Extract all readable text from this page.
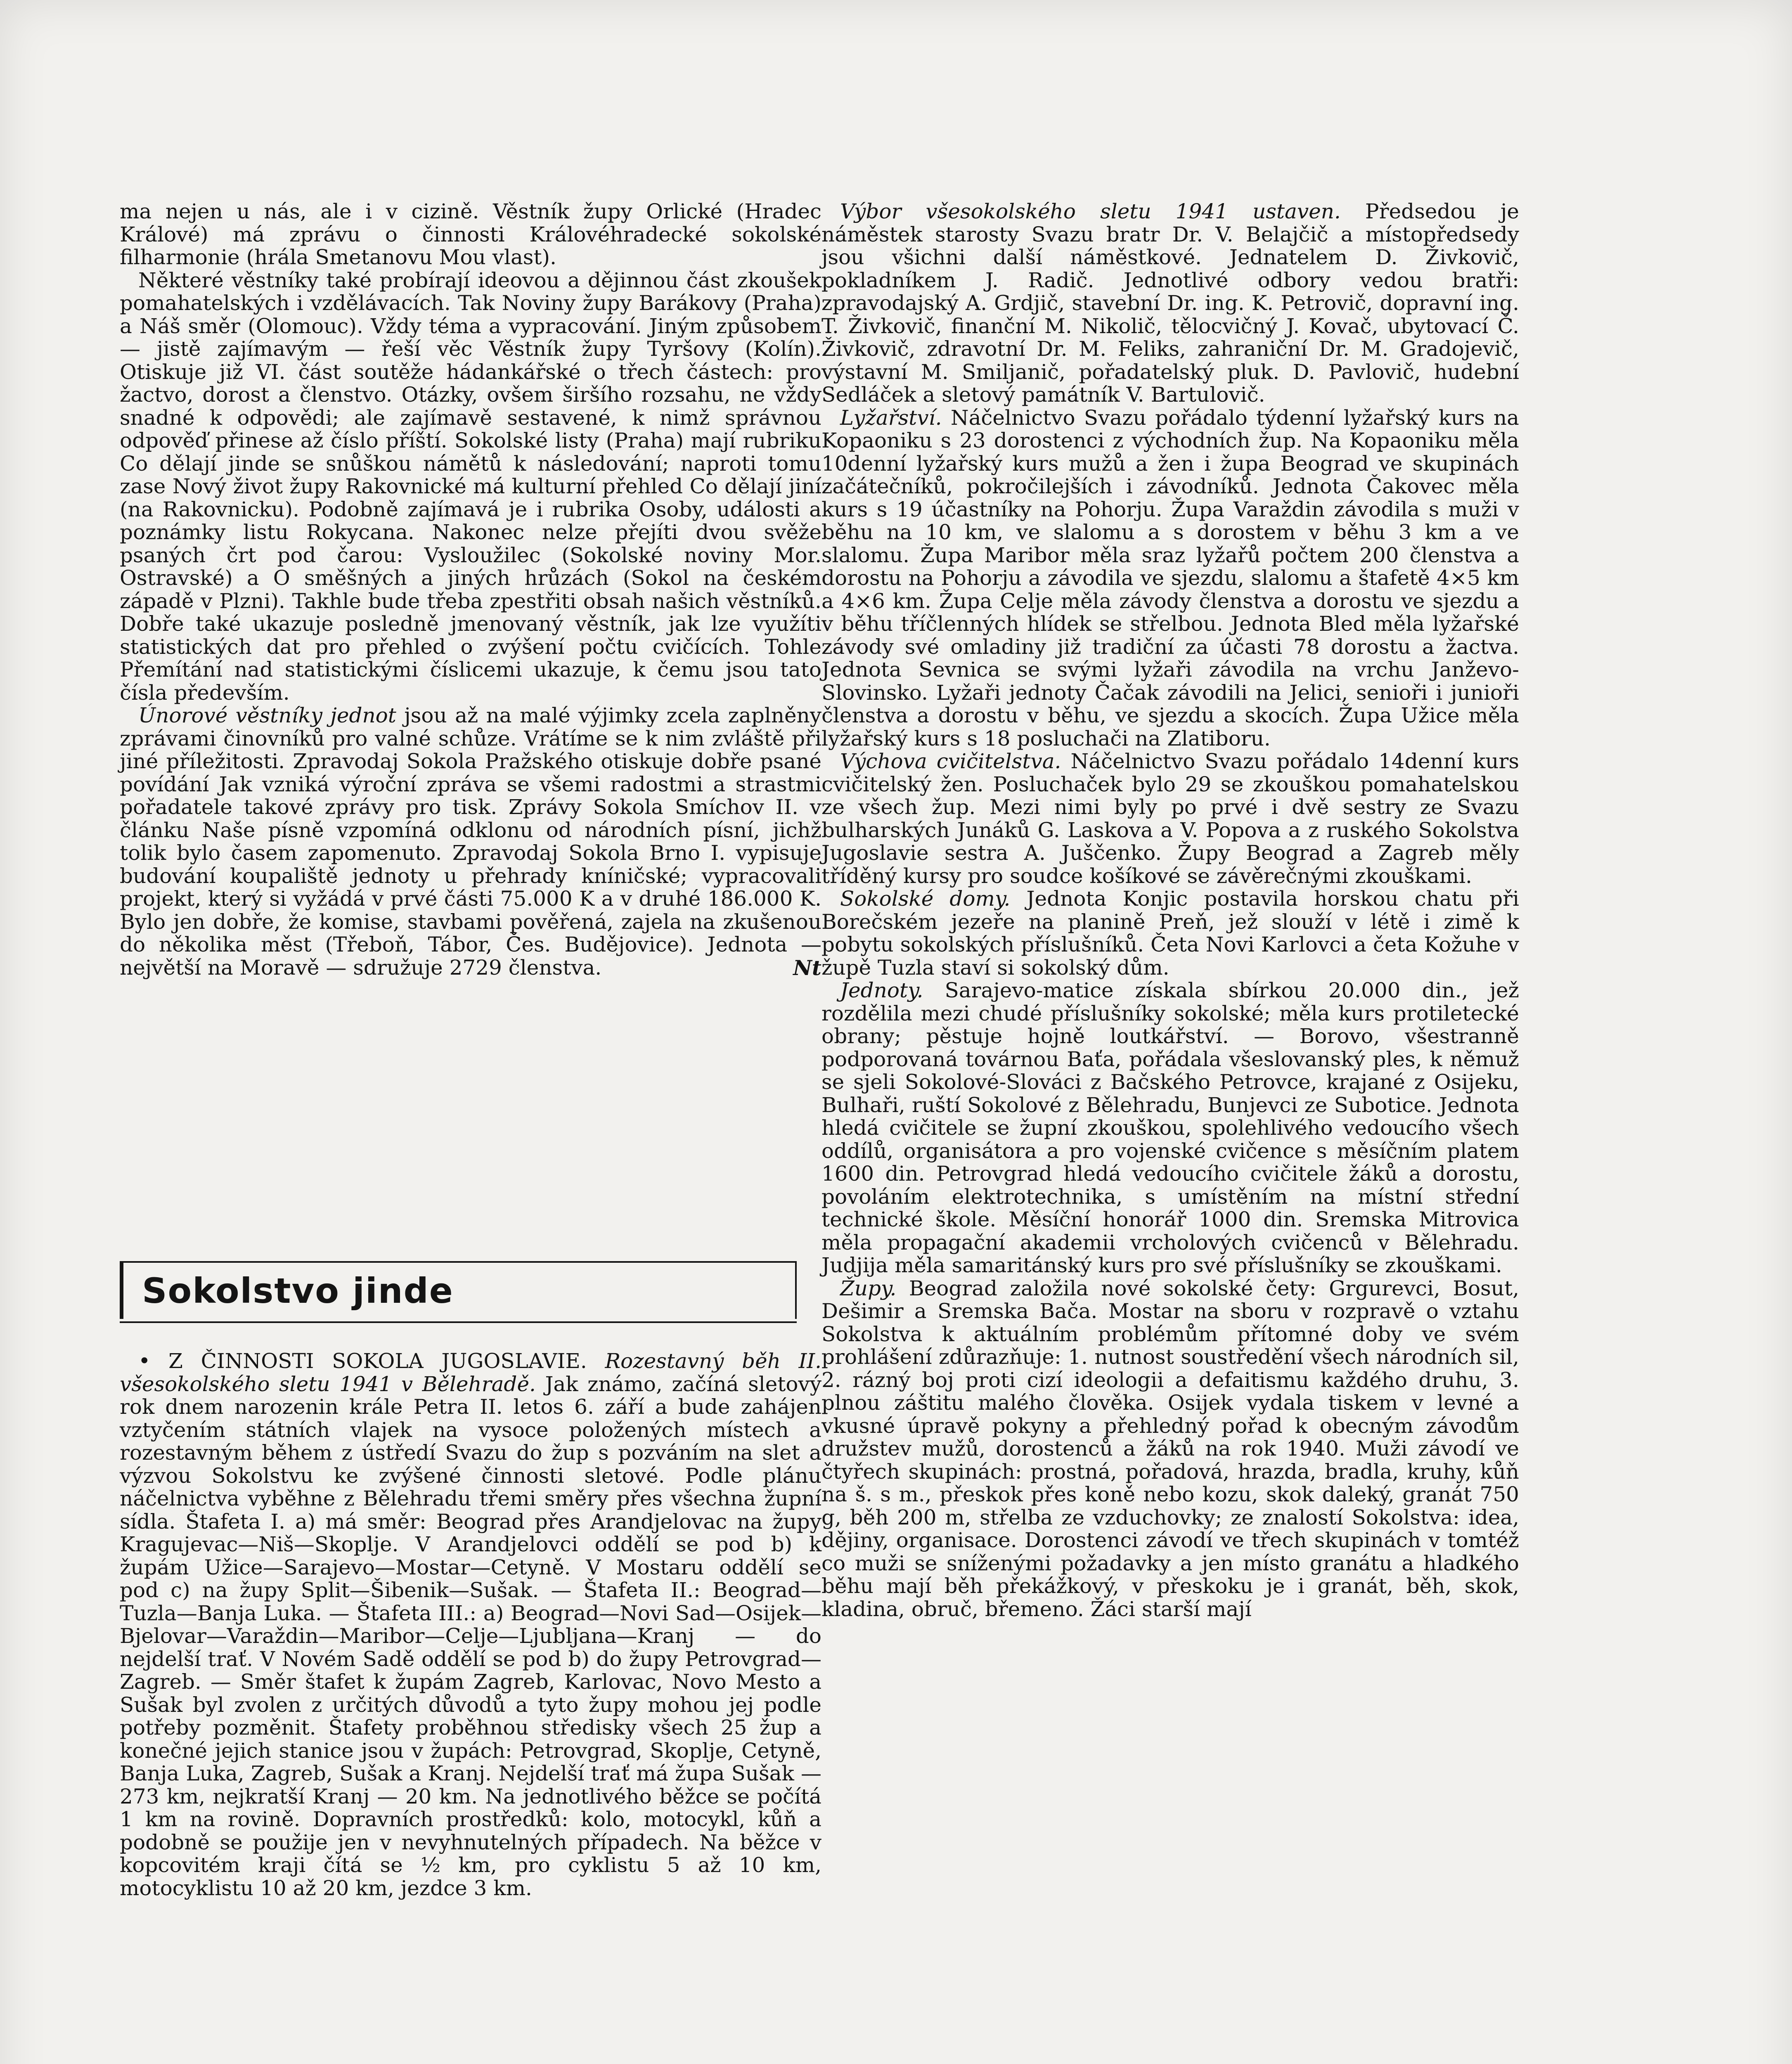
ma nejen u nás, ale i v cizině. Věstník župy Orlické (Hradec Králové) má zprávu o činnosti Královéhradecké sokolské filharmonie (hrála Smetanovu Mou vlast).

Některé věstníky také probírají ideovou a dějinnou část zkoušek pomahatelských i vzdělávacích. Tak Noviny župy Barákovy (Praha) a Náš směr (Olomouc). Vždy téma a vypracování. Jiným způsobem — jistě zajímavým — řeší věc Věstník župy Tyršovy (Kolín). Otiskuje již VI. část soutěže hádankářské o třech částech: pro žactvo, dorost a členstvo. Otázky, ovšem širšího rozsahu, ne vždy snadné k odpovědi; ale zajímavě sestavené, k nimž správnou odpověď přinese až číslo příští. Sokolské listy (Praha) mají rubriku Co dělají jinde se snůškou námětů k následování; naproti tomu zase Nový život župy Rakovnické má kulturní přehled Co dělají jiní (na Rakovnicku). Podobně zajímavá je i rubrika Osoby, události a poznámky listu Rokycana. Nakonec nelze přejíti dvou svěže psaných črt pod čarou: Vysloužilec (Sokolské noviny Mor. Ostravské) a O směšných a jiných hrůzách (Sokol na českém západě v Plzni). Takhle bude třeba zpestřiti obsah našich věstníků. Dobře také ukazuje posledně jmenovaný věstník, jak lze využíti statistických dat pro přehled o zvýšení počtu cvičících. Tohle Přemítání nad statistickými číslicemi ukazuje, k čemu jsou tato čísla především.

Únorové věstníky jednot jsou až na malé výjimky zcela zaplněny zprávami činovníků pro valné schůze. Vrátíme se k nim zvláště při jiné příležitosti. Zpravodaj Sokola Pražského otiskuje dobře psané povídání Jak vzniká výroční zpráva se všemi radostmi a strastmi pořadatele takové zprávy pro tisk. Zprávy Sokola Smíchov II. v článku Naše písně vzpomíná odklonu od národních písní, jichž tolik bylo časem zapomenuto. Zpravodaj Sokola Brno I. vypisuje budování koupaliště jednoty u přehrady kníničské; vypracovali projekt, který si vyžádá v prvé části 75.000 K a v druhé 186.000 K. Bylo jen dobře, že komise, stavbami pověřená, zajela na zkušenou do několika měst (Třeboň, Tábor, Čes. Budějovice). Jednota — největší na Moravě — sdružuje 2729 členstva.	Nt

Sokolstvo jinde

• Z ČINNOSTI SOKOLA JUGOSLAVIE. Rozestavný běh II. všesokolského sletu 1941 v Bělehradě. Jak známo, začíná sletový rok dnem narozenin krále Petra II. letos 6. září a bude zahájen vztyčením státních vlajek na vysoce položených místech a rozestavným během z ústředí Svazu do žup s pozváním na slet a výzvou Sokolstvu ke zvýšené činnosti sletové. Podle plánu náčelnictva vyběhne z Bělehradu třemi směry přes všechna župní sídla. Štafeta I. a) má směr: Beograd přes Arandjelovac na župy Kragujevac—Niš—Skoplje. V Arandjelovci oddělí se pod b) k župám Užice—Sarajevo—Mostar—Cetyně. V Mostaru oddělí se pod c) na župy Split—Šibenik—Sušak. — Štafeta II.: Beograd—Tuzla—Banja Luka. — Štafeta III.: a) Beograd—Novi Sad—Osijek—Bjelovar—Varaždin—Maribor—Celje—Ljubljana—Kranj — do nejdelší trať. V Novém Sadě oddělí se pod b) do župy Petrovgrad—Zagreb. — Směr štafet k župám Zagreb, Karlovac, Novo Mesto a Sušak byl zvolen z určitých důvodů a tyto župy mohou jej podle potřeby pozměnit. Štafety proběhnou středisky všech 25 žup a konečné jejich stanice jsou v župách: Petrovgrad, Skoplje, Cetyně, Banja Luka, Zagreb, Sušak a Kranj. Nejdelší trať má župa Sušak — 273 km, nejkratší Kranj — 20 km. Na jednotlivého běžce se počítá 1 km na rovině. Dopravních prostředků: kolo, motocykl, kůň a podobně se použije jen v nevyhnutelných případech. Na běžce v kopcovitém kraji čítá se ½ km, pro cyklistu 5 až 10 km, motocyklistu 10 až 20 km, jezdce 3 km.

Výbor všesokolského sletu 1941 ustaven. Předsedou je náměstek starosty Svazu bratr Dr. V. Belajčič a místopředsedy jsou všichni další náměstkové. Jednatelem D. Živkovič, pokladníkem J. Radič. Jednotlivé odbory vedou bratři: zpravodajský A. Grdjič, stavební Dr. ing. K. Petrovič, dopravní ing. T. Živkovič, finanční M. Nikolič, tělocvičný J. Kovač, ubytovací Č. Živkovič, zdravotní Dr. M. Feliks, zahraniční Dr. M. Gradojevič, výstavní M. Smiljanič, pořadatelský pluk. D. Pavlovič, hudební Sedláček a sletový památník V. Bartulovič.

Lyžařství. Náčelnictvo Svazu pořádalo týdenní lyžařský kurs na Kopaoniku s 23 dorostenci z východních žup. Na Kopaoniku měla 10denní lyžařský kurs mužů a žen i župa Beograd ve skupinách začátečníků, pokročilejších i závodníků. Jednota Čakovec měla kurs s 19 účastníky na Pohorju. Župa Varaždin závodila s muži v běhu na 10 km, ve slalomu a s dorostem v běhu 3 km a ve slalomu. Župa Maribor měla sraz lyžařů počtem 200 členstva a dorostu na Pohorju a závodila ve sjezdu, slalomu a štafetě 4×5 km a 4×6 km. Župa Celje měla závody členstva a dorostu ve sjezdu a v běhu tříčlenných hlídek se střelbou. Jednota Bled měla lyžařské závody své omladiny již tradiční za účasti 78 dorostu a žactva. Jednota Sevnica se svými lyžaři závodila na vrchu Janževo-Slovinsko. Lyžaři jednoty Čačak závodili na Jelici, senioři i junioři členstva a dorostu v běhu, ve sjezdu a skocích. Župa Užice měla lyžařský kurs s 18 posluchači na Zlatiboru.

Výchova cvičitelstva. Náčelnictvo Svazu pořádalo 14denní kurs cvičitelský žen. Posluchaček bylo 29 se zkouškou pomahatelskou ze všech žup. Mezi nimi byly po prvé i dvě sestry ze Svazu bulharských Junáků G. Laskova a V. Popova a z ruského Sokolstva Jugoslavie sestra A. Juščenko. Župy Beograd a Zagreb měly tříděný kursy pro soudce košíkové se závěrečnými zkouškami.

Sokolské domy. Jednota Konjic postavila horskou chatu při Borečském jezeře na planině Preň, jež slouží v létě i zimě k pobytu sokolských příslušníků. Četa Novi Karlovci a četa Kožuhe v župě Tuzla staví si sokolský dům.

Jednoty. Sarajevo-matice získala sbírkou 20.000 din., jež rozdělila mezi chudé příslušníky sokolské; měla kurs protiletecké obrany; pěstuje hojně loutkářství. — Borovo, všestranně podporovaná továrnou Baťa, pořádala všeslovanský ples, k němuž se sjeli Sokolové-Slováci z Bačského Petrovce, krajané z Osijeku, Bulhaři, ruští Sokolové z Bělehradu, Bunjevci ze Subotice. Jednota hledá cvičitele se župní zkouškou, spolehlivého vedoucího všech oddílů, organisátora a pro vojenské cvičence s měsíčním platem 1600 din. Petrovgrad hledá vedoucího cvičitele žáků a dorostu, povoláním elektrotechnika, s umístěním na místní střední technické škole. Měsíční honorář 1000 din. Sremska Mitrovica měla propagační akademii vrcholových cvičenců v Bělehradu. Judjija měla samaritánský kurs pro své příslušníky se zkouškami.

Župy. Beograd založila nové sokolské čety: Grgurevci, Bosut, Dešimir a Sremska Bača. Mostar na sboru v rozpravě o vztahu Sokolstva k aktuálním problémům přítomné doby ve svém prohlášení zdůrazňuje: 1. nutnost soustředění všech národních sil, 2. rázný boj proti cizí ideologii a defaitismu každého druhu, 3. plnou záštitu malého člověka. Osijek vydala tiskem v levné a vkusné úpravě pokyny a přehledný pořad k obecným závodům družstev mužů, dorostenců a žáků na rok 1940. Muži závodí ve čtyřech skupinách: prostná, pořadová, hrazda, bradla, kruhy, kůň na š. s m., přeskok přes koně nebo kozu, skok daleký, granát 750 g, běh 200 m, střelba ze vzduchovky; ze znalostí Sokolstva: idea, dějiny, organisace. Dorostenci závodí ve třech skupinách v tomtéž co muži se sníženými požadavky a jen místo granátu a hladkého běhu mají běh překážkový, v přeskoku je i granát, běh, skok, kladina, obruč, břemeno. Žáci starší mají
